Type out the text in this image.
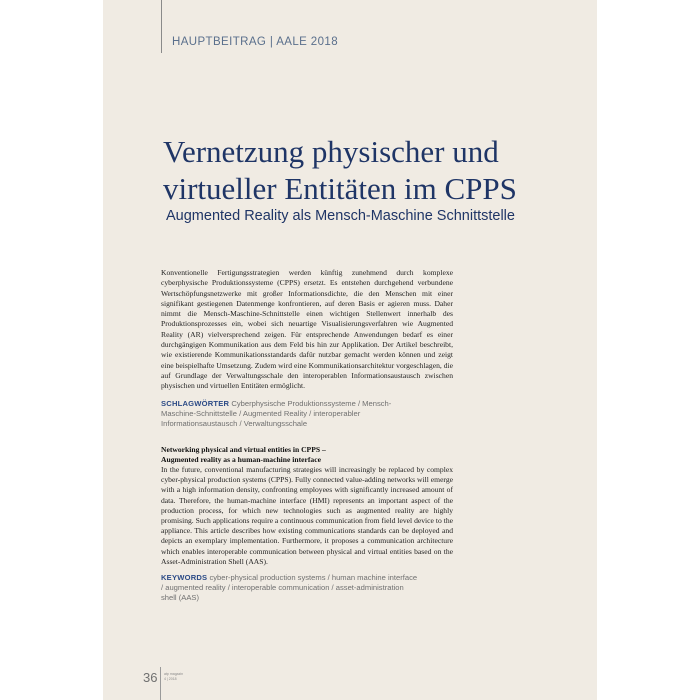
HAUPTBEITRAG | AALE 2018
Vernetzung physischer und
virtueller Entitäten im CPPS
Augmented Reality als Mensch-Maschine Schnittstelle

Konventionelle Fertigungsstrategien werden künftig zunehmend durch komplexe cyberphysische Produktionssysteme (CPPS) ersetzt. Es entstehen durchgehend verbundene Wertschöpfungsnetzwerke mit großer Informationsdichte, die den Menschen mit einer signifikant gestiegenen Datenmenge konfrontieren, auf deren Basis er agieren muss. Daher nimmt die Mensch-Maschine-Schnittstelle einen wichtigen Stellenwert innerhalb des Produktionsprozesses ein, wobei sich neuartige Visualisierungsverfahren wie Augmented Reality (AR) vielversprechend zeigen. Für entsprechende Anwendungen bedarf es einer durchgängigen Kommunikation aus dem Feld bis hin zur Applikation. Der Artikel beschreibt, wie existierende Kommunikationsstandards dafür nutzbar gemacht werden können und zeigt eine beispielhafte Umsetzung. Zudem wird eine Kommunikationsarchitektur vorgeschlagen, die auf Grundlage der Verwaltungsschale den interoperablen Informationsaustausch zwischen physischen und virtuellen Entitäten ermöglicht.

SCHLAGWÖRTER Cyberphysische Produktionssysteme / Mensch-Maschine-Schnittstelle / Augmented Reality / interoperabler Informationsaustausch / Verwaltungsschale
Networking physical and virtual entities in CPPS –
Augmented reality as a human-machine interface

In the future, conventional manufacturing strategies will increasingly be replaced by complex cyber-physical production systems (CPPS). Fully connected value-adding networks will emerge with a high information density, confronting employees with significantly increased amount of data. Therefore, the human-machine interface (HMI) represents an important aspect of the production process, for which new technologies such as augmented reality are highly promising. Such applications require a continuous communication from field level device to the appliance. This article describes how existing communications standards can be deployed and depicts an exemplary implementation. Furthermore, it proposes a communication architecture which enables interoperable communication between physical and virtual entities based on the Asset-Administration Shell (AAS).

KEYWORDS cyber-physical production systems / human machine interface / augmented reality / interoperable communication / asset-administration shell (AAS)
36 atp magazin
4 | 2018
